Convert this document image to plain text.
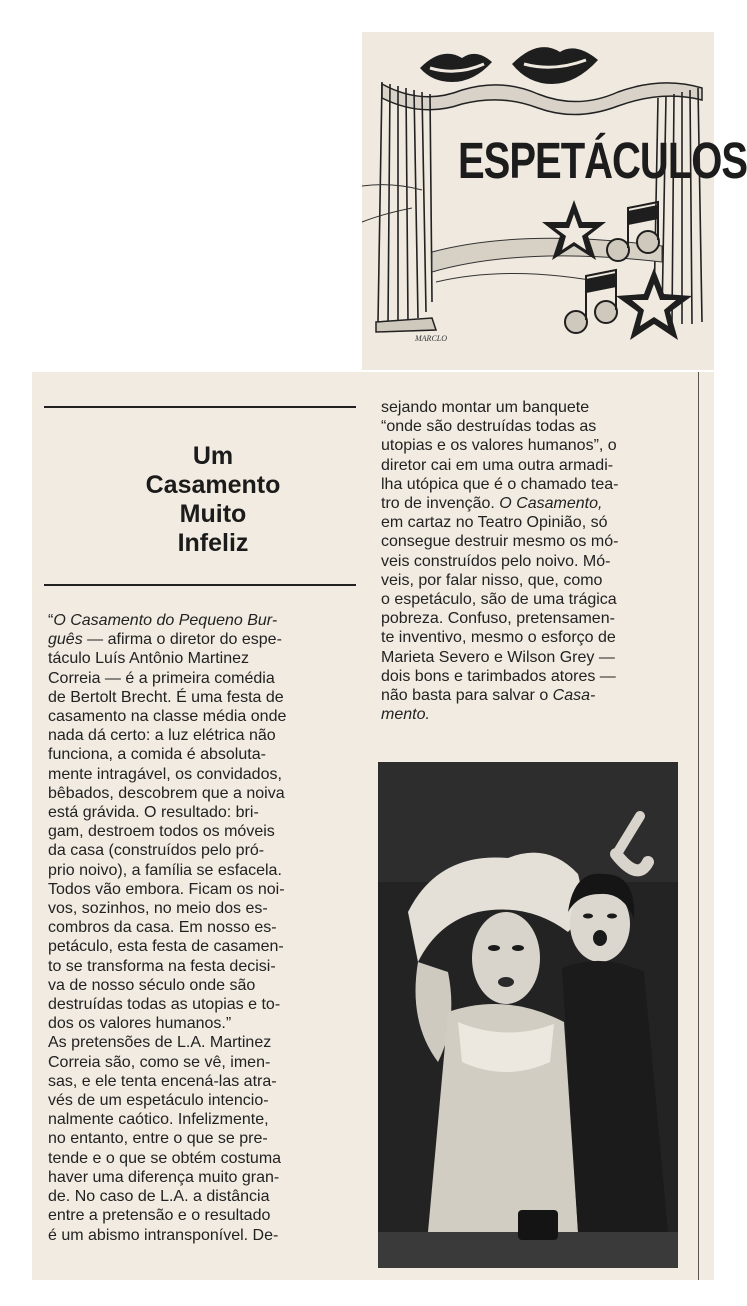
ESPETÁCULOS
MARCLO
Um
Casamento
Muito
Infeliz
“O Casamento do Pequeno Bur-
guês — afirma o diretor do espe-
táculo Luís Antônio Martinez
Correia — é a primeira comédia
de Bertolt Brecht. É uma festa de
casamento na classe média onde
nada dá certo: a luz elétrica não
funciona, a comida é absoluta-
mente intragável, os convidados,
bêbados, descobrem que a noiva
está grávida. O resultado: bri-
gam, destroem todos os móveis
da casa (construídos pelo pró-
prio noivo), a família se esfacela.
Todos vão embora. Ficam os noi-
vos, sozinhos, no meio dos es-
combros da casa. Em nosso es-
petáculo, esta festa de casamen-
to se transforma na festa decisi-
va de nosso século onde são
destruídas todas as utopias e to-
dos os valores humanos.”
As pretensões de L.A. Martinez
Correia são, como se vê, imen-
sas, e ele tenta encená-las atra-
vés de um espetáculo intencio-
nalmente caótico. Infelizmente,
no entanto, entre o que se pre-
tende e o que se obtém costuma
haver uma diferença muito gran-
de. No caso de L.A. a distância
entre a pretensão e o resultado
é um abismo intransponível. De-
sejando montar um banquete
“onde são destruídas todas as
utopias e os valores humanos”, o
diretor cai em uma outra armadi-
lha utópica que é o chamado tea-
tro de invenção. O Casamento,
em cartaz no Teatro Opinião, só
consegue destruir mesmo os mó-
veis construídos pelo noivo. Mó-
veis, por falar nisso, que, como
o espetáculo, são de uma trágica
pobreza. Confuso, pretensamen-
te inventivo, mesmo o esforço de
Marieta Severo e Wilson Grey —
dois bons e tarimbados atores —
não basta para salvar o Casa-
mento.
